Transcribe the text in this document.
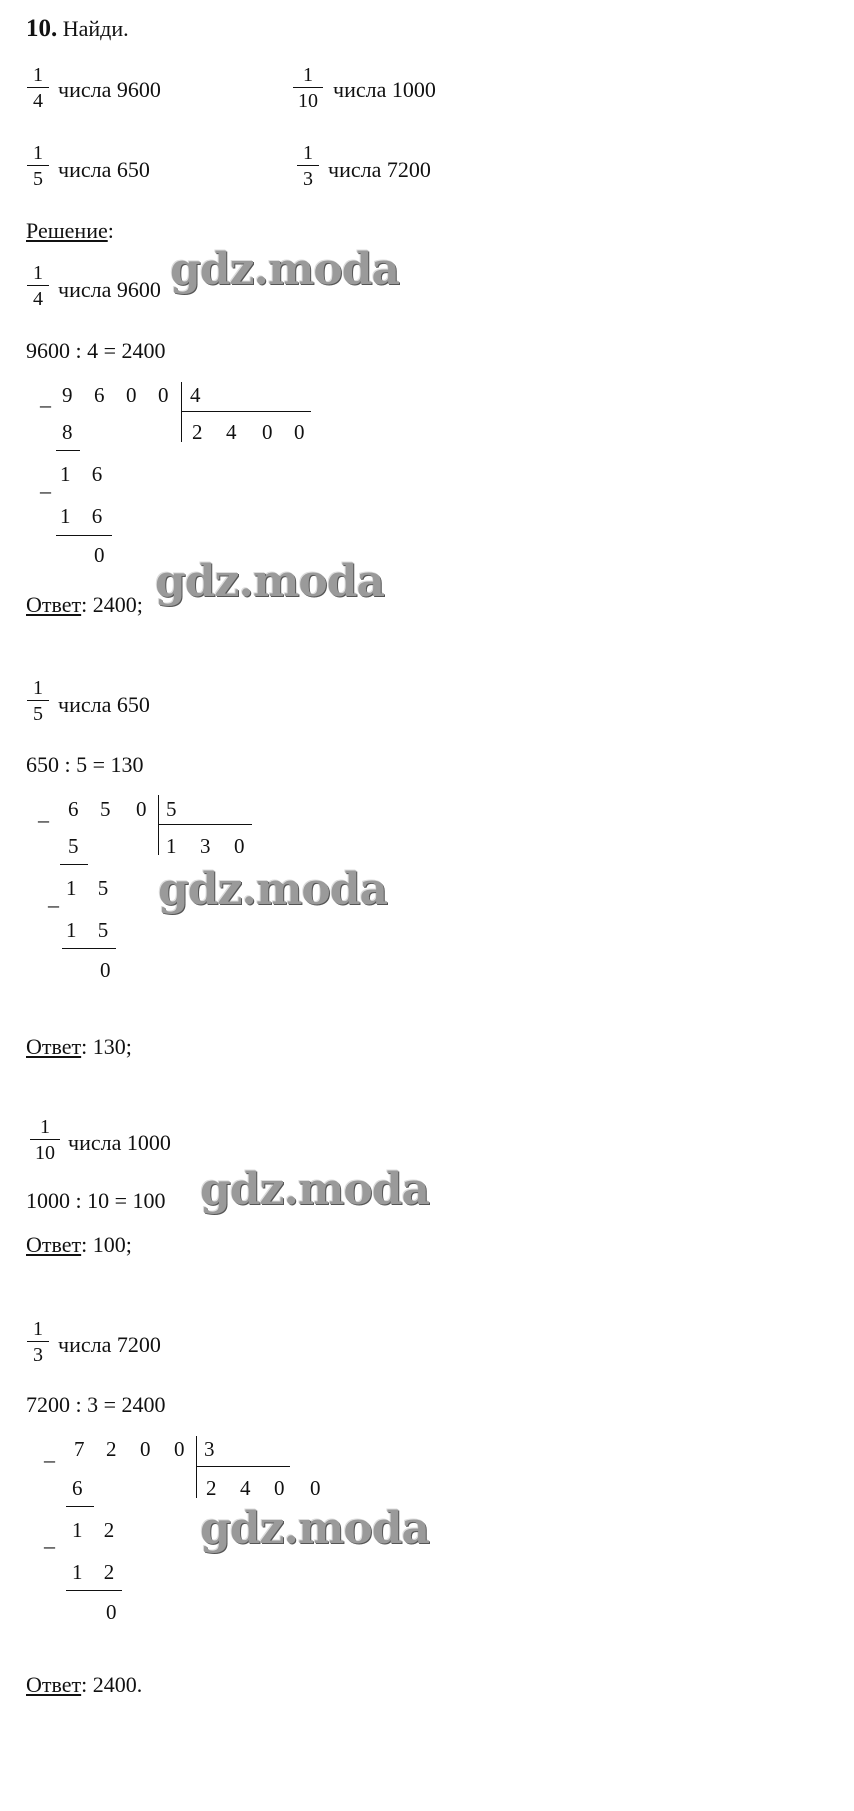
10. Найди.
1
4 числа 9600
1
10 числа 1000
1
5 числа 650
1
3 числа 7200
Решение:
1
4 числа 9600 gdz.moda
9600 : 4 = 2400
– 9 6 0 0 4
2 4 0 0
8
–
1 6
1 6
0
gdz.moda
Ответ: 2400;
1
5 числа 650
650 : 5 = 130
– 6 5 0 5
1 3 0
5
–
1 5
1 5
0
gdz.moda
Ответ: 130;
1
10 числа 1000
1000 : 10 = 100 gdz.moda
Ответ: 100;
1
3 числа 7200
7200 : 3 = 2400
– 7 2 0 0 3
2 4 0 0
6
–
1 2
1 2
0
gdz.moda
Ответ: 2400.
